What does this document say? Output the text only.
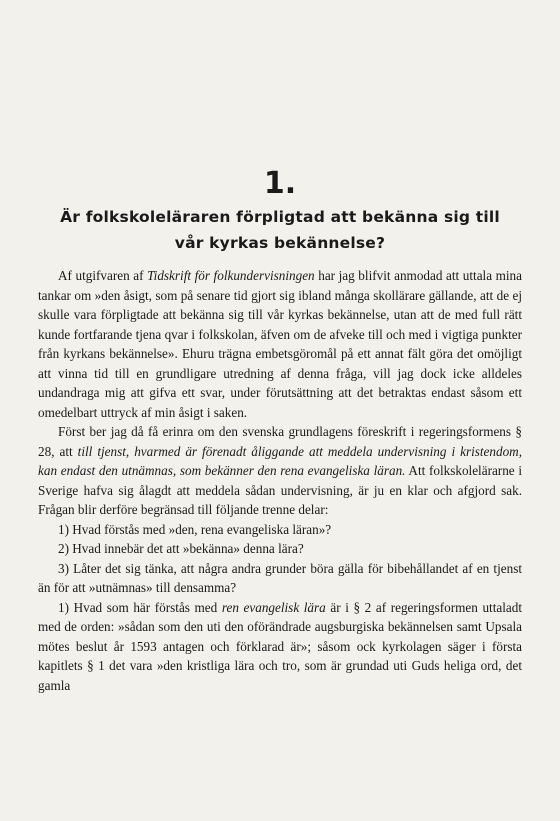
1.
Är folkskoleläraren förpligtad att bekänna sig till
vår kyrkas bekännelse?

Af utgifvaren af Tidskrift för folkundervisningen har jag blifvit anmodad att uttala mina tankar om »den åsigt, som på senare tid gjort sig ibland många skollärare gällande, att de ej skulle vara förpligtade att bekänna sig till vår kyrkas bekännelse, utan att de med full rätt kunde fortfarande tjena qvar i folkskolan, äfven om de afveke till och med i vigtiga punkter från kyrkans bekännelse». Ehuru trägna embetsgöromål på ett annat fält göra det omöjligt att vinna tid till en grundligare utredning af denna fråga, vill jag dock icke alldeles undandraga mig att gifva ett svar, under förutsättning att det betraktas endast såsom ett omedelbart uttryck af min åsigt i saken.

Först ber jag då få erinra om den svenska grundlagens föreskrift i regeringsformens § 28, att till tjenst, hvarmed är förenadt åliggande att meddela undervisning i kristendom, kan endast den utnämnas, som bekänner den rena evangeliska läran. Att folkskolelärarne i Sverige hafva sig ålagdt att meddela sådan undervisning, är ju en klar och afgjord sak. Frågan blir derföre begränsad till följande trenne delar:

1) Hvad förstås med »den, rena evangeliska läran»?

2) Hvad innebär det att »bekänna» denna lära?

3) Låter det sig tänka, att några andra grunder böra gälla för bibehållandet af en tjenst än för att »utnämnas» till densamma?

1) Hvad som här förstås med ren evangelisk lära är i § 2 af regeringsformen uttaladt med de orden: »sådan som den uti den oförändrade augsburgiska bekännelsen samt Upsala mötes beslut år 1593 antagen och förklarad är»; såsom ock kyrkolagen säger i första kapitlets § 1 det vara »den kristliga lära och tro, som är grundad uti Guds heliga ord, det gamla
